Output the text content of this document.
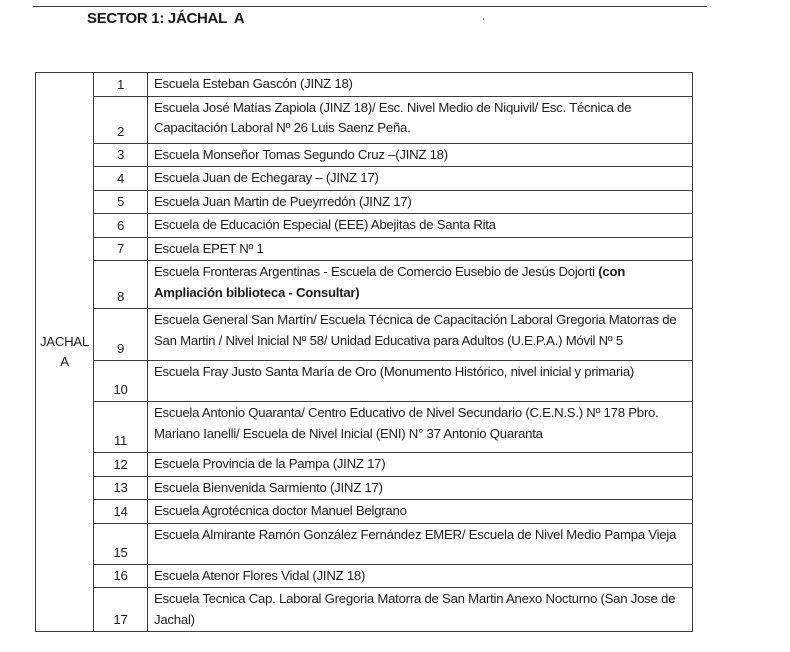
SECTOR 1: JÁCHAL  A
JACHAL
A	1	Escuela Esteban Gascón (JINZ 18)
	2	Escuela José Matías Zapiola (JINZ 18)/ Esc. Nivel Medio de Niquivil/ Esc. Técnica de Capacitación Laboral Nº 26 Luis Saenz Peña.
	3	Escuela Monseñor Tomas Segundo Cruz –(JINZ 18)
	4	Escuela Juan de Echegaray – (JINZ 17)
	5	Escuela Juan Martin de Pueyrredón (JINZ 17)
	6	Escuela de Educación Especial (EEE) Abejitas de Santa Rita
	7	Escuela EPET Nº 1
	8	Escuela Fronteras Argentinas - Escuela de Comercio Eusebio de Jesús Dojorti (con Ampliación biblioteca - Consultar)
	9	Escuela General San Martín/ Escuela Técnica de Capacitación Laboral Gregoria Matorras de San Martin / Nivel Inicial Nº 58/ Unidad Educativa para Adultos (U.E.P.A.) Móvil Nº 5
	10	Escuela Fray Justo Santa María de Oro (Monumento Histórico, nivel inicial y primaria)
	11	Escuela Antonio Quaranta/ Centro Educativo de Nivel Secundario (C.E.N.S.) Nº 178 Pbro. Mariano Ianelli/ Escuela de Nivel Inicial (ENI) N° 37 Antonio Quaranta
	12	Escuela Provincia de la Pampa (JINZ 17)
	13	Escuela Bienvenida Sarmiento (JINZ 17)
	14	Escuela Agrotécnica doctor Manuel Belgrano
	15	Escuela Almirante Ramón González Fernández EMER/ Escuela de Nivel Medio Pampa Vieja
	16	Escuela Atenor Flores Vidal (JINZ 18)
	17	Escuela Tecnica Cap. Laboral Gregoria Matorra de San Martin Anexo Nocturno (San Jose de Jachal)
